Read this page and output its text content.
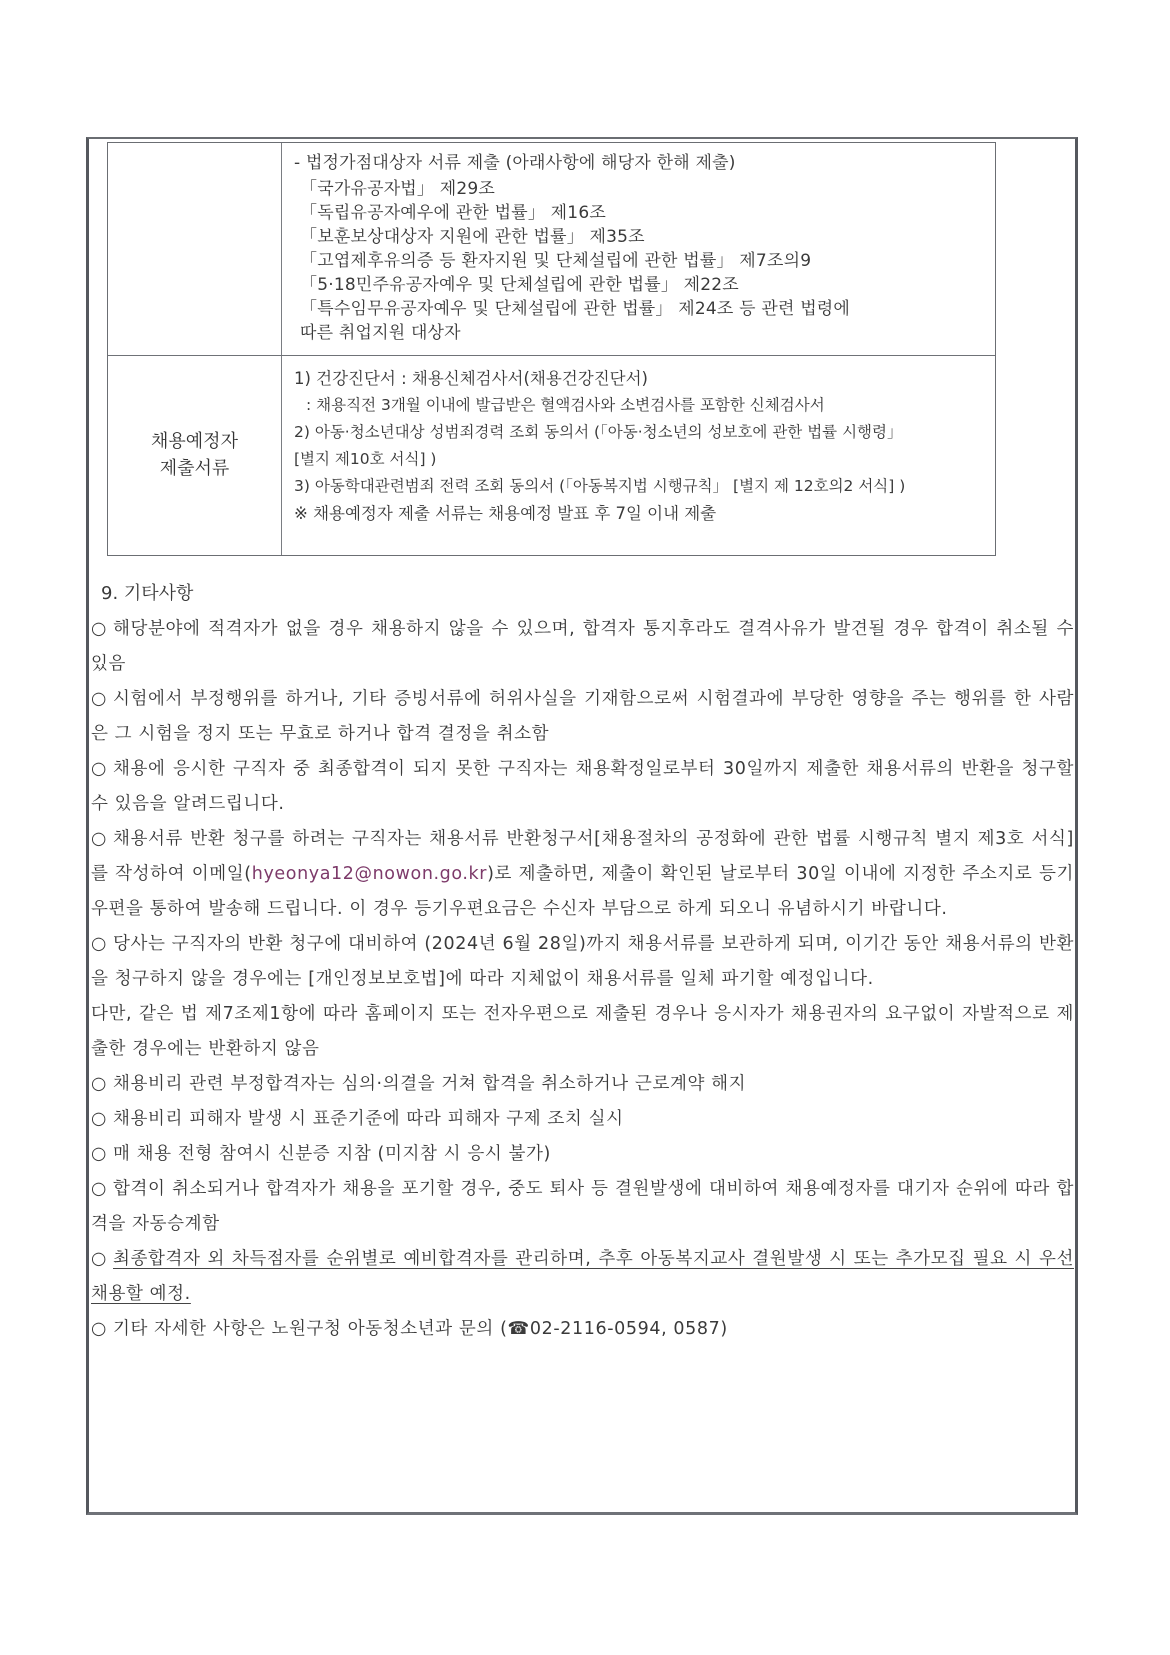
- 법정가점대상자 서류 제출 (아래사항에 해당자 한해 제출)
「국가유공자법」 제29조
「독립유공자예우에 관한 법률」 제16조
「보훈보상대상자 지원에 관한 법률」 제35조
「고엽제후유의증 등 환자지원 및 단체설립에 관한 법률」 제7조의9
「5·18민주유공자예우 및 단체설립에 관한 법률」 제22조
「특수임무유공자예우 및 단체설립에 관한 법률」 제24조 등 관련 법령에
따른 취업지원 대상자
채용예정자
제출서류
1) 건강진단서 : 채용신체검사서(채용건강진단서)
: 채용직전 3개월 이내에 발급받은 혈액검사와 소변검사를 포함한 신체검사서
2) 아동·청소년대상 성범죄경력 조회 동의서 (「아동·청소년의 성보호에 관한 법률 시행령」
[별지 제10호 서식] )
3) 아동학대관련범죄 전력 조회 동의서 (「아동복지법 시행규칙」 [별지 제 12호의2 서식] )
※ 채용예정자 제출 서류는 채용예정 발표 후 7일 이내 제출
9. 기타사항
○ 해당분야에 적격자가 없을 경우 채용하지 않을 수 있으며, 합격자 통지후라도 결격사유가 발견될 경우 합격이 취소될 수 있음
○ 시험에서 부정행위를 하거나, 기타 증빙서류에 허위사실을 기재함으로써 시험결과에 부당한 영향을 주는 행위를 한 사람은 그 시험을 정지 또는 무효로 하거나 합격 결정을 취소함
○ 채용에 응시한 구직자 중 최종합격이 되지 못한 구직자는 채용확정일로부터 30일까지 제출한 채용서류의 반환을 청구할 수 있음을 알려드립니다.
○ 채용서류 반환 청구를 하려는 구직자는 채용서류 반환청구서[채용절차의 공정화에 관한 법률 시행규칙 별지 제3호 서식]를 작성하여 이메일(hyeonya12@nowon.go.kr)로 제출하면, 제출이 확인된 날로부터 30일 이내에 지정한 주소지로 등기우편을 통하여 발송해 드립니다. 이 경우 등기우편요금은 수신자 부담으로 하게 되오니 유념하시기 바랍니다.
○ 당사는 구직자의 반환 청구에 대비하여 (2024년 6월 28일)까지 채용서류를 보관하게 되며, 이기간 동안 채용서류의 반환을 청구하지 않을 경우에는 [개인정보보호법]에 따라 지체없이 채용서류를 일체 파기할 예정입니다.
다만, 같은 법 제7조제1항에 따라 홈페이지 또는 전자우편으로 제출된 경우나 응시자가 채용권자의 요구없이 자발적으로 제출한 경우에는 반환하지 않음
○ 채용비리 관련 부정합격자는 심의·의결을 거쳐 합격을 취소하거나 근로계약 해지
○ 채용비리 피해자 발생 시 표준기준에 따라 피해자 구제 조치 실시
○ 매 채용 전형 참여시 신분증 지참 (미지참 시 응시 불가)
○ 합격이 취소되거나 합격자가 채용을 포기할 경우, 중도 퇴사 등 결원발생에 대비하여 채용예정자를 대기자 순위에 따라 합격을 자동승계함
○ 최종합격자 외 차득점자를 순위별로 예비합격자를 관리하며, 추후 아동복지교사 결원발생 시 또는 추가모집 필요 시 우선 채용할 예정.
○ 기타 자세한 사항은 노원구청 아동청소년과 문의 (☎02-2116-0594, 0587)
